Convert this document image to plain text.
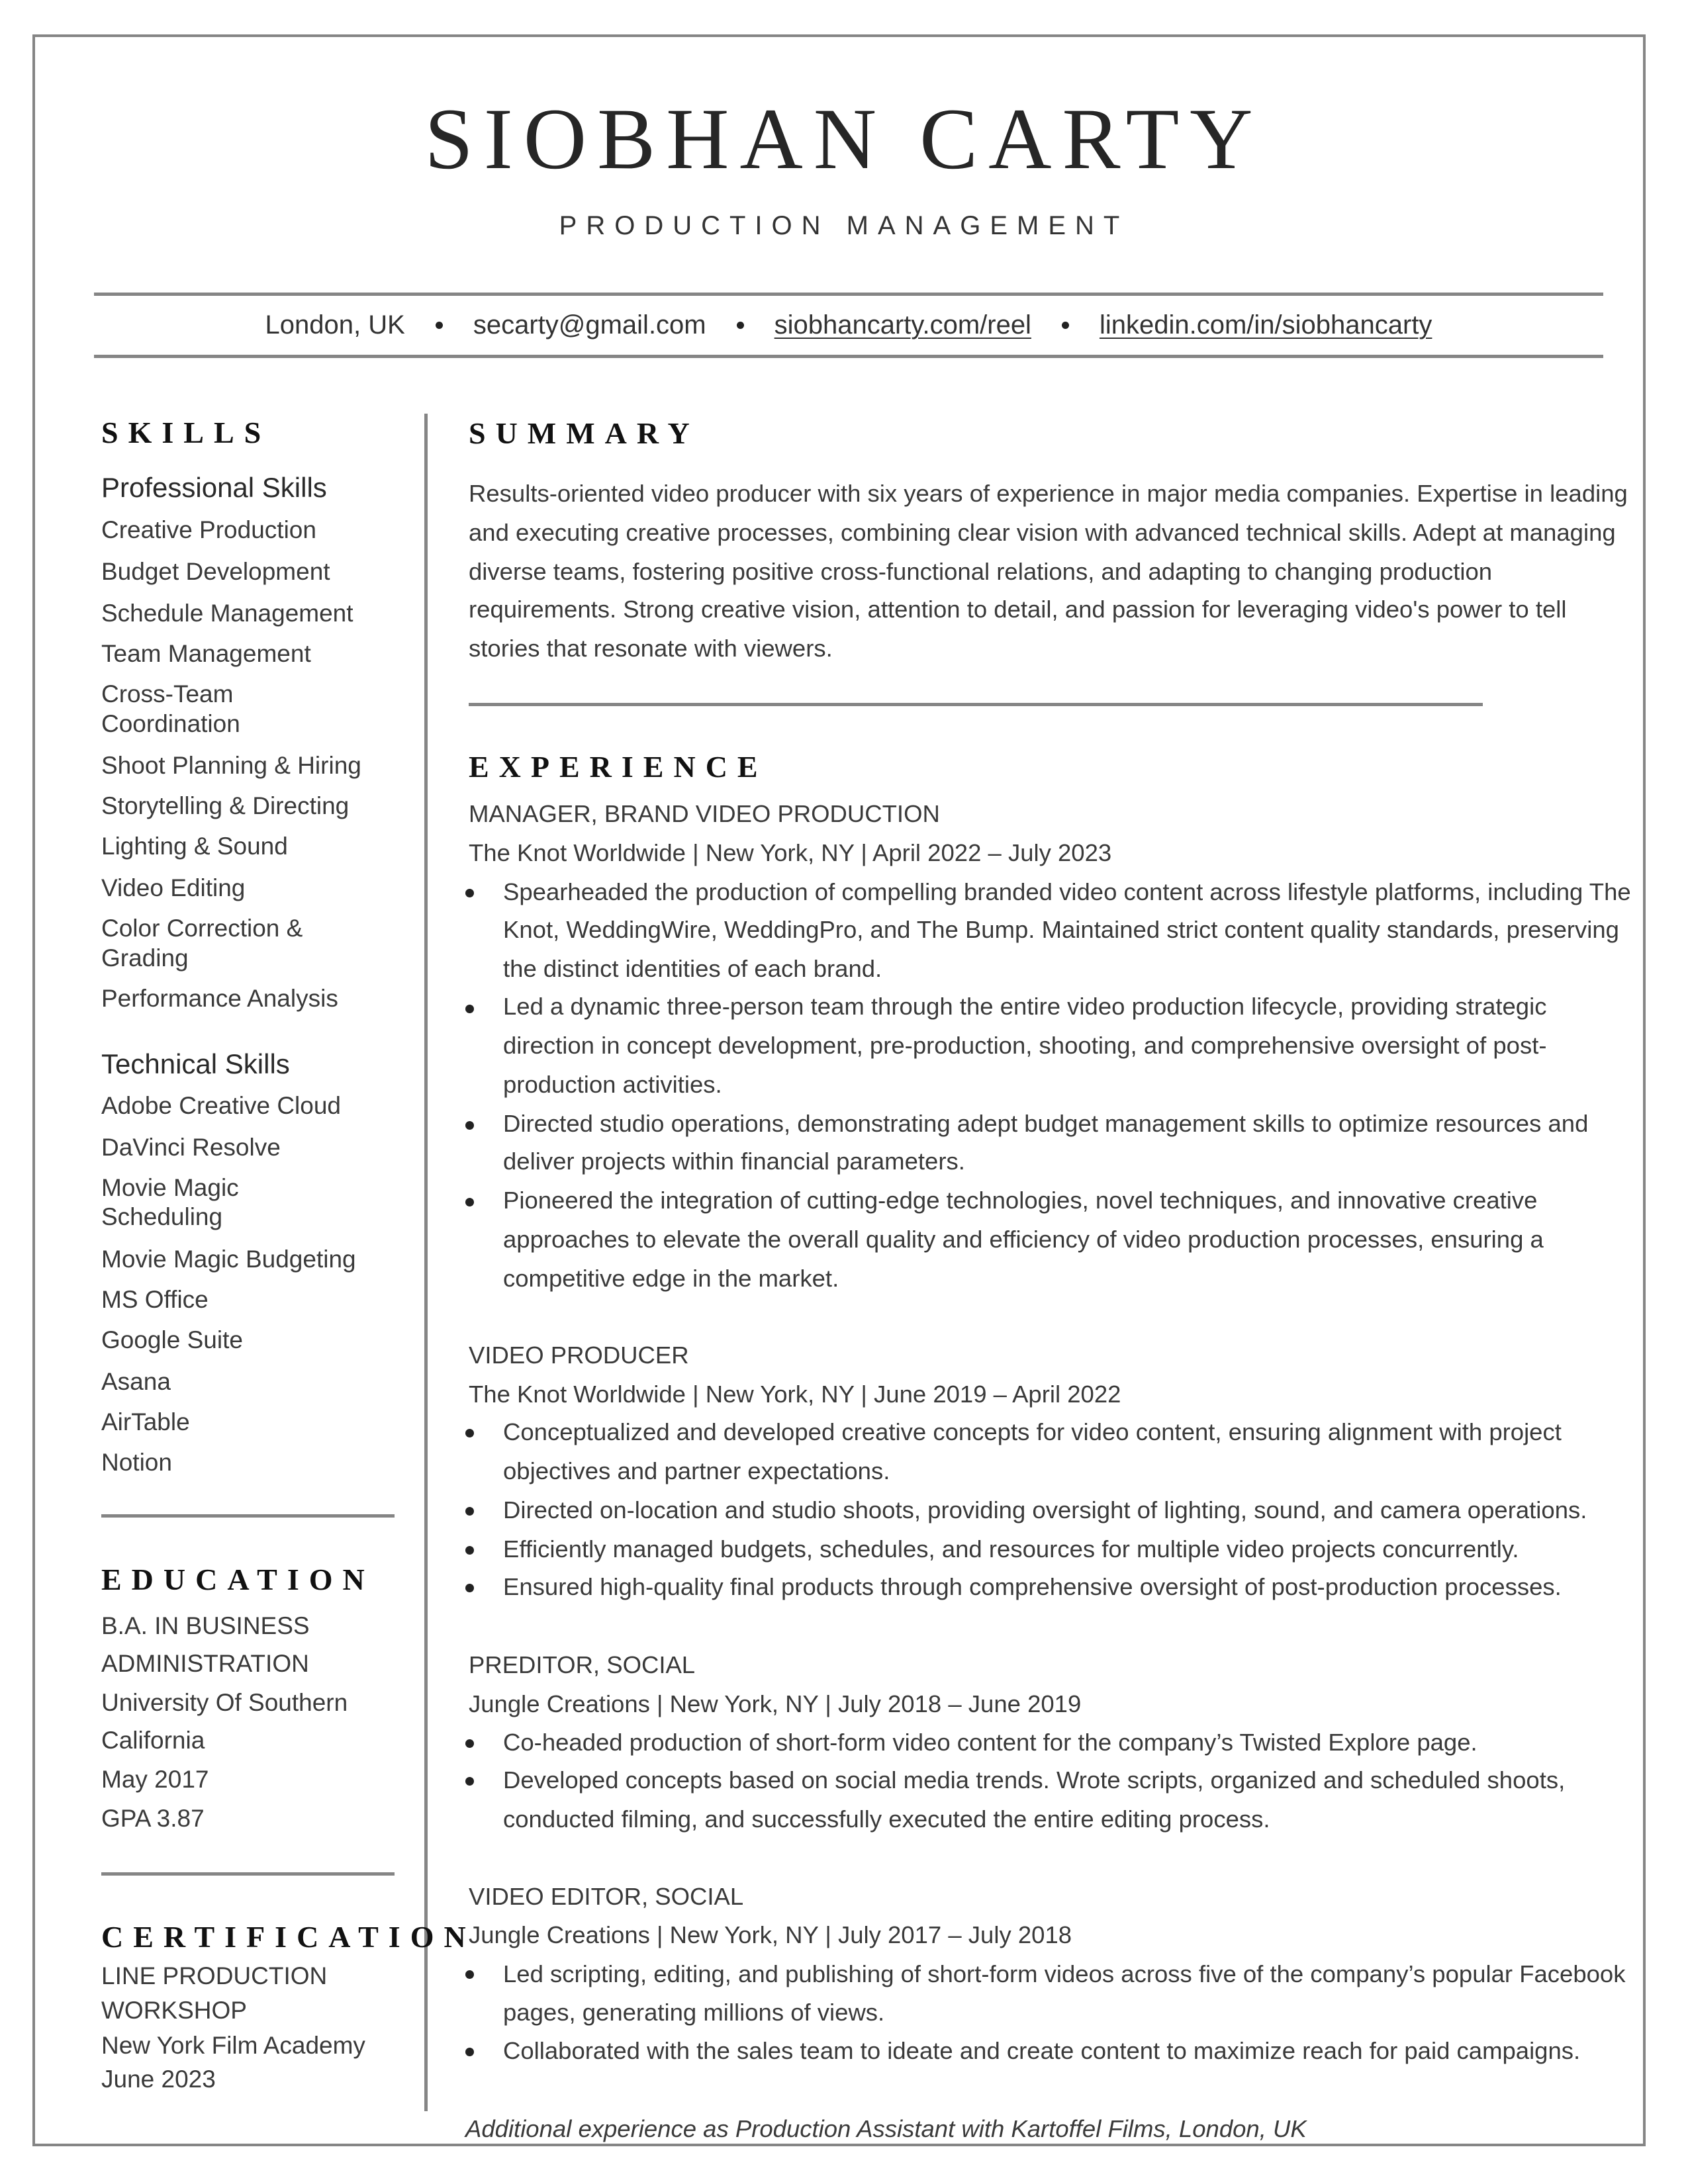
SIOBHAN CARTY
PRODUCTION MANAGEMENT
London, UK	secarty@gmail.com	siobhancarty.com/reel	linkedin.com/in/siobhancarty
SKILLS
Professional Skills
Creative Production
Budget Development
Schedule Management
Team Management
Cross-Team
Coordination
Shoot Planning & Hiring
Storytelling & Directing
Lighting & Sound
Video Editing
Color Correction &
Grading
Performance Analysis
Technical Skills
Adobe Creative Cloud
DaVinci Resolve
Movie Magic
Scheduling
Movie Magic Budgeting
MS Office
Google Suite
Asana
AirTable
Notion
EDUCATION
B.A. IN BUSINESS
ADMINISTRATION
University Of Southern
California
May 2017
GPA 3.87
CERTIFICATION
LINE PRODUCTION
WORKSHOP
New York Film Academy
June 2023
SUMMARY
Results-oriented video producer with six years of experience in major media companies. Expertise in leading
and executing creative processes, combining clear vision with advanced technical skills. Adept at managing
diverse teams, fostering positive cross-functional relations, and adapting to changing production
requirements. Strong creative vision, attention to detail, and passion for leveraging video's power to tell
stories that resonate with viewers.
EXPERIENCE
MANAGER, BRAND VIDEO PRODUCTION
The Knot Worldwide | New York, NY | April 2022 – July 2023
Spearheaded the production of compelling branded video content across lifestyle platforms, including The
Knot, WeddingWire, WeddingPro, and The Bump. Maintained strict content quality standards, preserving
the distinct identities of each brand.
Led a dynamic three-person team through the entire video production lifecycle, providing strategic
direction in concept development, pre-production, shooting, and comprehensive oversight of post-
production activities.
Directed studio operations, demonstrating adept budget management skills to optimize resources and
deliver projects within financial parameters.
Pioneered the integration of cutting-edge technologies, novel techniques, and innovative creative
approaches to elevate the overall quality and efficiency of video production processes, ensuring a
competitive edge in the market.
VIDEO PRODUCER
The Knot Worldwide | New York, NY | June 2019 – April 2022
Conceptualized and developed creative concepts for video content, ensuring alignment with project
objectives and partner expectations.
Directed on-location and studio shoots, providing oversight of lighting, sound, and camera operations.
Efficiently managed budgets, schedules, and resources for multiple video projects concurrently.
Ensured high-quality final products through comprehensive oversight of post-production processes.
PREDITOR, SOCIAL
Jungle Creations | New York, NY | July 2018 – June 2019
Co-headed production of short-form video content for the company’s Twisted Explore page.
Developed concepts based on social media trends. Wrote scripts, organized and scheduled shoots,
conducted filming, and successfully executed the entire editing process.
VIDEO EDITOR, SOCIAL
Jungle Creations | New York, NY | July 2017 – July 2018
Led scripting, editing, and publishing of short-form videos across five of the company’s popular Facebook
pages, generating millions of views.
Collaborated with the sales team to ideate and create content to maximize reach for paid campaigns.
Additional experience as Production Assistant with Kartoffel Films, London, UK
